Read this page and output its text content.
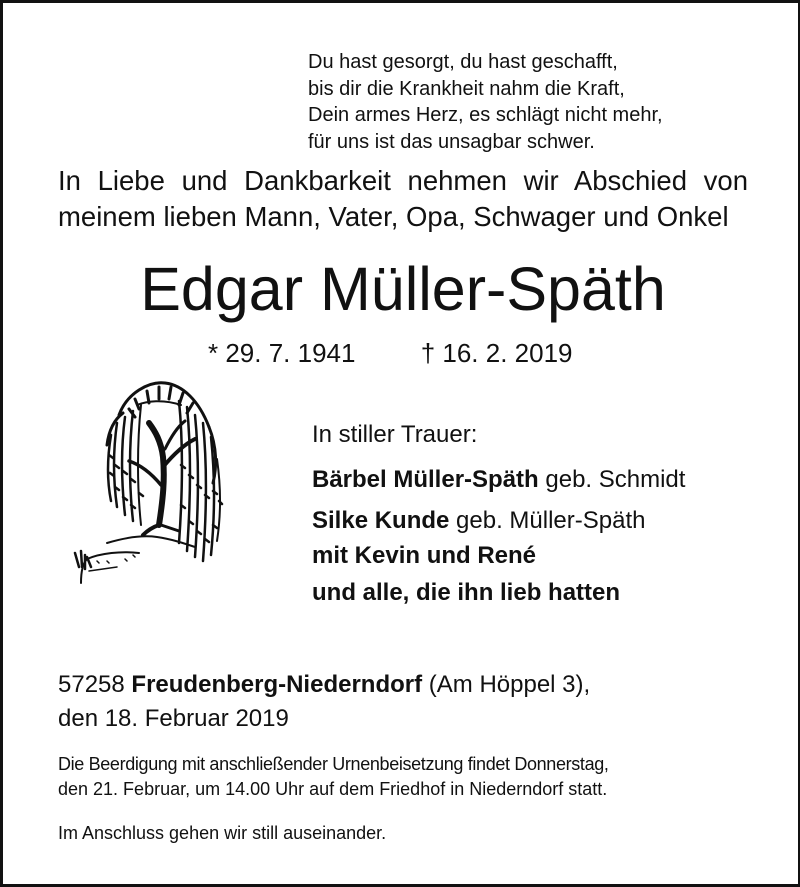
Du hast gesorgt, du hast geschafft,
bis dir die Krankheit nahm die Kraft,
Dein armes Herz, es schlägt nicht mehr,
für uns ist das unsagbar schwer.
In Liebe und Dankbarkeit nehmen wir Abschied von
meinem lieben Mann, Vater, Opa, Schwager und Onkel
Edgar Müller-Späth
* 29. 7. 1941	† 16. 2. 2019
In stiller Trauer:
Bärbel Müller-Späth geb. Schmidt
Silke Kunde geb. Müller-Späth
mit Kevin und René
und alle, die ihn lieb hatten
57258 Freudenberg-Niederndorf (Am Höppel 3),
den 18. Februar 2019
Die Beerdigung mit anschließender Urnenbeisetzung findet Donnerstag,
den 21. Februar, um 14.00 Uhr auf dem Friedhof in Niederndorf statt.
Im Anschluss gehen wir still auseinander.
